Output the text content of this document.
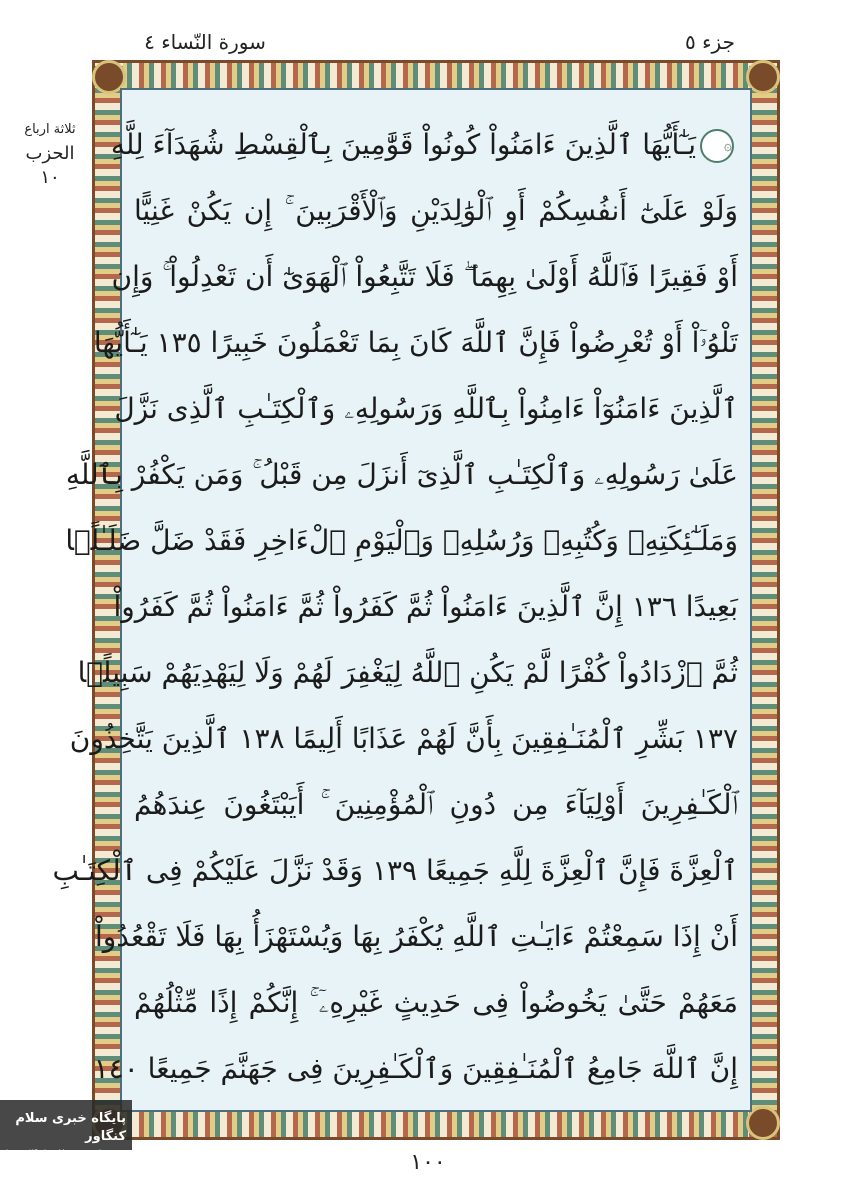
سورة النّساء ٤	جزء ٥
ثلاثة ارباع
الحزب
١٠
۞يَـٰٓأَيُّهَا ٱلَّذِينَ ءَامَنُواْ كُونُواْ قَوَّٰمِينَ بِٱلْقِسْطِ شُهَدَآءَ لِلَّهِ
وَلَوْ عَلَىٰٓ أَنفُسِكُمْ أَوِ ٱلْوَٰلِدَيْنِ وَٱلْأَقْرَبِينَ ۚ إِن يَكُنْ غَنِيًّا
أَوْ فَقِيرًا فَٱللَّهُ أَوْلَىٰ بِهِمَا ۖ فَلَا تَتَّبِعُواْ ٱلْهَوَىٰٓ أَن تَعْدِلُواْ ۚ وَإِن
تَلْوُۥٓاْ أَوْ تُعْرِضُواْ فَإِنَّ ٱللَّهَ كَانَ بِمَا تَعْمَلُونَ خَبِيرًا ١٣٥ يَـٰٓأَيُّهَا
ٱلَّذِينَ ءَامَنُوٓاْ ءَامِنُواْ بِٱللَّهِ وَرَسُولِهِۦ وَٱلْكِتَـٰبِ ٱلَّذِى نَزَّلَ
عَلَىٰ رَسُولِهِۦ وَٱلْكِتَـٰبِ ٱلَّذِىٓ أَنزَلَ مِن قَبْلُ ۚ وَمَن يَكْفُرْ بِٱللَّهِ
وَمَلَـٰٓئِكَتِهِۦ وَكُتُبِهِۦ وَرُسُلِهِۦ وَٱلْيَوْمِ ٱلْءَاخِرِ فَقَدْ ضَلَّ ضَلَـٰلًۢا
بَعِيدًا ١٣٦ إِنَّ ٱلَّذِينَ ءَامَنُواْ ثُمَّ كَفَرُواْ ثُمَّ ءَامَنُواْ ثُمَّ كَفَرُواْ
ثُمَّ ٱزْدَادُواْ كُفْرًا لَّمْ يَكُنِ ٱللَّهُ لِيَغْفِرَ لَهُمْ وَلَا لِيَهْدِيَهُمْ سَبِيلًۢا
١٣٧ بَشِّرِ ٱلْمُنَـٰفِقِينَ بِأَنَّ لَهُمْ عَذَابًا أَلِيمًا ١٣٨ ٱلَّذِينَ يَتَّخِذُونَ
ٱلْكَـٰفِرِينَ أَوْلِيَآءَ مِن دُونِ ٱلْمُؤْمِنِينَ ۚ أَيَبْتَغُونَ عِندَهُمُ
ٱلْعِزَّةَ فَإِنَّ ٱلْعِزَّةَ لِلَّهِ جَمِيعًا ١٣٩ وَقَدْ نَزَّلَ عَلَيْكُمْ فِى ٱلْكِتَـٰبِ
أَنْ إِذَا سَمِعْتُمْ ءَايَـٰتِ ٱللَّهِ يُكْفَرُ بِهَا وَيُسْتَهْزَأُ بِهَا فَلَا تَقْعُدُواْ
مَعَهُمْ حَتَّىٰ يَخُوضُواْ فِى حَدِيثٍ غَيْرِهِۦٓ ۚ إِنَّكُمْ إِذًا مِّثْلُهُمْ
إِنَّ ٱللَّهَ جَامِعُ ٱلْمُنَـٰفِقِينَ وَٱلْكَـٰفِرِينَ فِى جَهَنَّمَ جَمِيعًا ١٤٠
١٠٠
پایگاه خبری سلام کنگاور
https://SalamKangavar.ir
